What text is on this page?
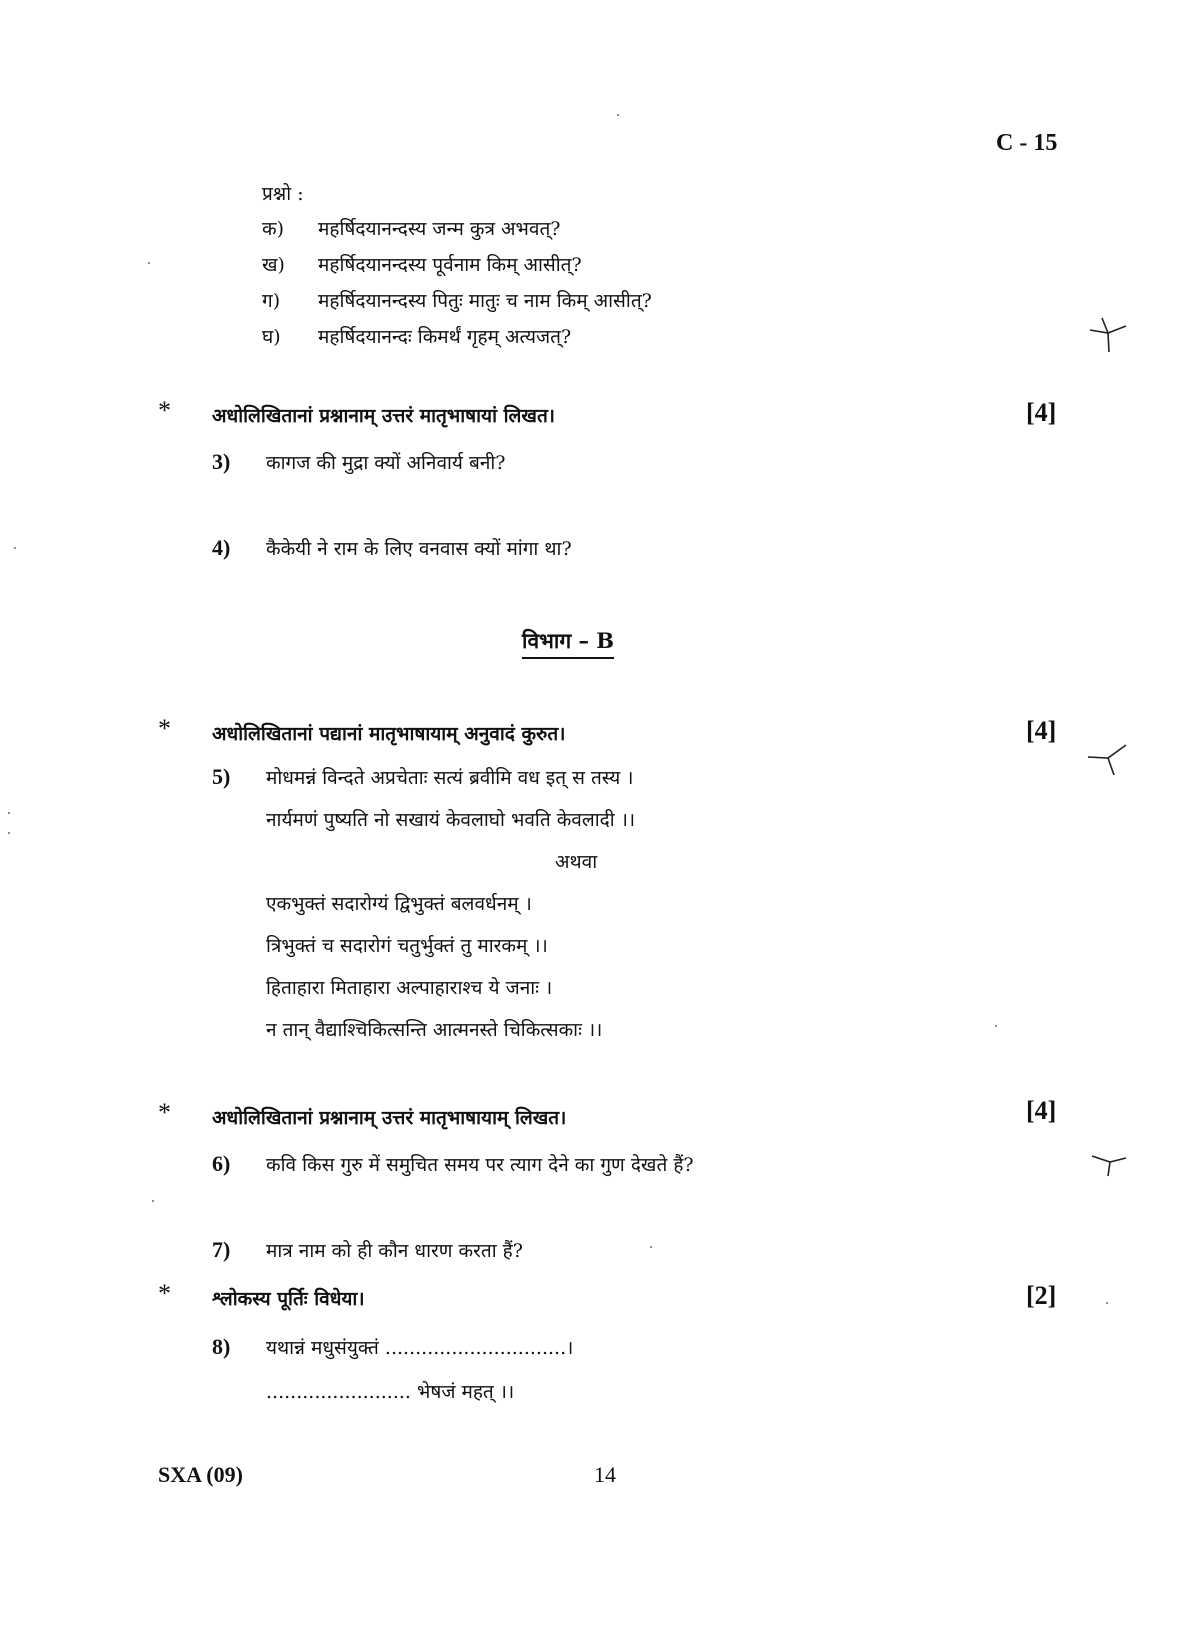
C - 15
प्रश्नो :
क) महर्षिदयानन्दस्य जन्म कुत्र अभवत्?
ख) महर्षिदयानन्दस्य पूर्वनाम किम् आसीत्?
ग) महर्षिदयानन्दस्य पितुः मातुः च नाम किम् आसीत्?
घ) महर्षिदयानन्दः किमर्थं गृहम् अत्यजत्?
* अधोलिखितानां प्रश्नानाम् उत्तरं मातृभाषायां लिखत।	[4]
3) कागज की मुद्रा क्यों अनिवार्य बनी?
4) कैकेयी ने राम के लिए वनवास क्यों मांगा था?
विभाग – B
* अधोलिखितानां पद्यानां मातृभाषायाम् अनुवादं कुरुत।	[4]
5) मोधमन्नं विन्दते अप्रचेताः सत्यं ब्रवीमि वध इत् स तस्य ।
नार्यमणं पुष्यति नो सखायं केवलाघो भवति केवलादी ।।
अथवा
एकभुक्तं सदारोग्यं द्विभुक्तं बलवर्धनम् ।
त्रिभुक्तं च सदारोगं चतुर्भुक्तं तु मारकम् ।।
हिताहारा मिताहारा अल्पाहाराश्च ये जनाः ।
न तान् वैद्याश्चिकित्सन्ति आत्मनस्ते चिकित्सकाः ।।
* अधोलिखितानां प्रश्नानाम् उत्तरं मातृभाषायाम् लिखत।	[4]
6) कवि किस गुरु में समुचित समय पर त्याग देने का गुण देखते हैं?
7) मात्र नाम को ही कौन धारण करता हैं?
* श्लोकस्य पूर्तिः विधेया।	[2]
8) यथान्नं मधुसंयुक्तं ..............................।
........................ भेषजं महत् ।।
SXA (09)	14
